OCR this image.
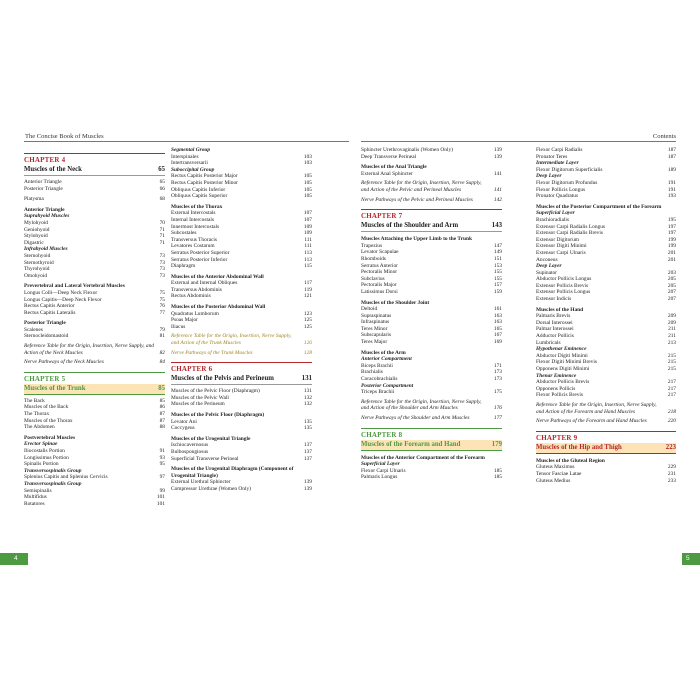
The Concise Book of Muscles	Contents
CHAPTER 4
Muscles of the Neck	65
Anterior Triangle	65
Posterior Triangle	66
Platysma	68
Anterior Triangle
Suprahyoid Muscles
Mylohyoid	70
Geniohyoid	71
Stylohyoid	71
Digastric	71
Infrahyoid Muscles
Sternohyoid	73
Sternothyroid	73
Thyrohyoid	73
Omohyoid	73
Prevertebral and Lateral Vertebral Muscles
Longus Colli—Deep Neck Flexor	75
Longus Capitis—Deep Neck Flexor	75
Rectus Capitis Anterior	76
Rectus Capitis Lateralis	77
Posterior Triangle
Scalenes	79
Sternocleidomastoid	81
Reference Table for the Origin, Insertion, Nerve Supply, and Action of the Neck Muscles	82
Nerve Pathways of the Neck Muscles	84
CHAPTER 5
Muscles of the Trunk	85
The Back	85
Muscles of the Back	86
The Thorax	87
Muscles of the Thorax	87
The Abdomen	88
Postvertebral Muscles
Erector Spinae
Iliocostalis Portion	91
Longissimus Portion	93
Spinalis Portion	95
Transversospinalis Group
Splenius Capitis and Splenius Cervicis	97
Transversospinalis Group
Semispinalis	99
Multifidus	101
Rotatores	101
Segmental Group
Interspinales	103
Intertransversarii	103
Suboccipital Group
Rectus Capitis Posterior Major	105
Rectus Capitis Posterior Minor	105
Obliquus Capitis Inferior	105
Obliquus Capitis Superior	105
Muscles of the Thorax
External Intercostals	107
Internal Intercostals	107
Innermost Intercostals	109
Subcostales	109
Transversus Thoracis	111
Levatores Costarum	111
Serratus Posterior Superior	113
Serratus Posterior Inferior	113
Diaphragm	115
Muscles of the Anterior Abdominal Wall
External and Internal Obliques	117
Transversus Abdominis	119
Rectus Abdominis	121
Muscles of the Posterior Abdominal Wall
Quadratus Lumborum	123
Psoas Major	125
Iliacus	125
Reference Table for the Origin, Insertion, Nerve Supply, and Action of the Trunk Muscles	126
Nerve Pathways of the Trunk Muscles	128
CHAPTER 6
Muscles of the Pelvis and Perineum	131
Muscles of the Pelvic Floor (Diaphragm)	131
Muscles of the Pelvic Wall	132
Muscles of the Perineum	132
Muscles of the Pelvic Floor (Diaphragm)
Levator Ani	135
Coccygeus	135
Muscles of the Urogenital Triangle
Ischiocavernosus	137
Bulbospongiosus	137
Superficial Transverse Perineal	137
Muscles of the Urogenital Diaphragm (Component of Urogenital Triangle)
External Urethral Sphincter	139
Compressor Urethrae (Women Only)	139
Sphincter Urethrovaginalis (Women Only)	139
Deep Transverse Perineal	139
Muscles of the Anal Triangle
External Anal Sphincter	141
Reference Table for the Origin, Insertion, Nerve Supply, and Action of the Pelvic and Perineal Muscles	141
Nerve Pathways of the Pelvic and Perineal Muscles	142
CHAPTER 7
Muscles of the Shoulder and Arm	143
Muscles Attaching the Upper Limb to the Trunk
Trapezius	147
Levator Scapulae	149
Rhomboids	151
Serratus Anterior	153
Pectoralis Minor	155
Subclavius	155
Pectoralis Major	157
Latissimus Dorsi	159
Muscles of the Shoulder Joint
Deltoid	161
Supraspinatus	163
Infraspinatus	163
Teres Minor	165
Subscapularis	167
Teres Major	169
Muscles of the Arm
Anterior Compartment
Biceps Brachii	171
Brachialis	173
Coracobrachialis	173
Posterior Compartment
Triceps Brachii	175
Reference Table for the Origin, Insertion, Nerve Supply, and Action of the Shoulder and Arm Muscles	176
Nerve Pathways of the Shoulder and Arm Muscles	177
CHAPTER 8
Muscles of the Forearm and Hand	179
Muscles of the Anterior Compartment of the Forearm
Superficial Layer
Flexor Carpi Ulnaris	185
Palmaris Longus	185
Flexor Carpi Radialis	187
Pronator Teres	187
Intermediate Layer
Flexor Digitorum Superficialis	189
Deep Layer
Flexor Digitorum Profundus	191
Flexor Pollicis Longus	191
Pronator Quadratus	193
Muscles of the Posterior Compartment of the Forearm
Superficial Layer
Brachioradialis	195
Extensor Carpi Radialis Longus	197
Extensor Carpi Radialis Brevis	197
Extensor Digitorum	199
Extensor Digiti Minimi	199
Extensor Carpi Ulnaris	201
Anconeus	201
Deep Layer
Supinator	203
Abductor Pollicis Longus	205
Extensor Pollicis Brevis	205
Extensor Pollicis Longus	207
Extensor Indicis	207
Muscles of the Hand
Palmaris Brevis	209
Dorsal Interossei	209
Palmar Interossei	211
Adductor Pollicis	211
Lumbricals	213
Hypothenar Eminence
Abductor Digiti Minimi	215
Flexor Digiti Minimi Brevis	215
Opponens Digiti Minimi	215
Thenar Eminence
Abductor Pollicis Brevis	217
Opponens Pollicis	217
Flexor Pollicis Brevis	217
Reference Table for the Origin, Insertion, Nerve Supply, and Action of the Forearm and Hand Muscles	218
Nerve Pathways of the Forearm and Hand Muscles	220
CHAPTER 9
Muscles of the Hip and Thigh	223
Muscles of the Gluteal Region
Gluteus Maximus	229
Tensor Fasciae Latae	231
Gluteus Medius	233
4	5
